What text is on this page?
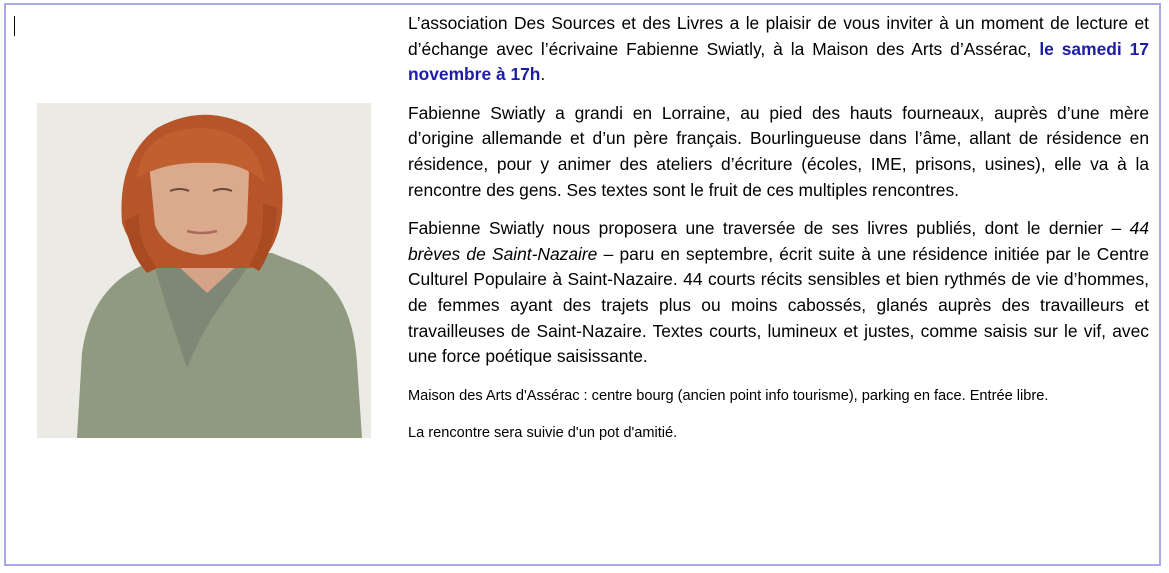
L’association Des Sources et des Livres a le plaisir de vous inviter à un moment de lecture et d’échange avec l’écrivaine Fabienne Swiatly, à la Maison des Arts d’Assérac, le samedi 17 novembre à 17h.

Fabienne Swiatly a grandi en Lorraine, au pied des hauts fourneaux, auprès d’une mère d’origine allemande et d’un père français. Bourlingueuse dans l’âme, allant de résidence en résidence, pour y animer des ateliers d’écriture (écoles, IME, prisons, usines), elle va à la rencontre des gens. Ses textes sont le fruit de ces multiples rencontres.

Fabienne Swiatly nous proposera une traversée de ses livres publiés, dont le dernier – 44 brèves de Saint-Nazaire – paru en septembre, écrit suite à une résidence initiée par le Centre Culturel Populaire à Saint-Nazaire. 44 courts récits sensibles et bien rythmés de vie d’hommes, de femmes ayant des trajets plus ou moins cabossés, glanés auprès des travailleurs et travailleuses de Saint-Nazaire. Textes courts, lumineux et justes, comme saisis sur le vif, avec une force poétique saisissante.

Maison des Arts d'Assérac : centre bourg (ancien point info tourisme), parking en face. Entrée libre.

La rencontre sera suivie d'un pot d'amitié.
